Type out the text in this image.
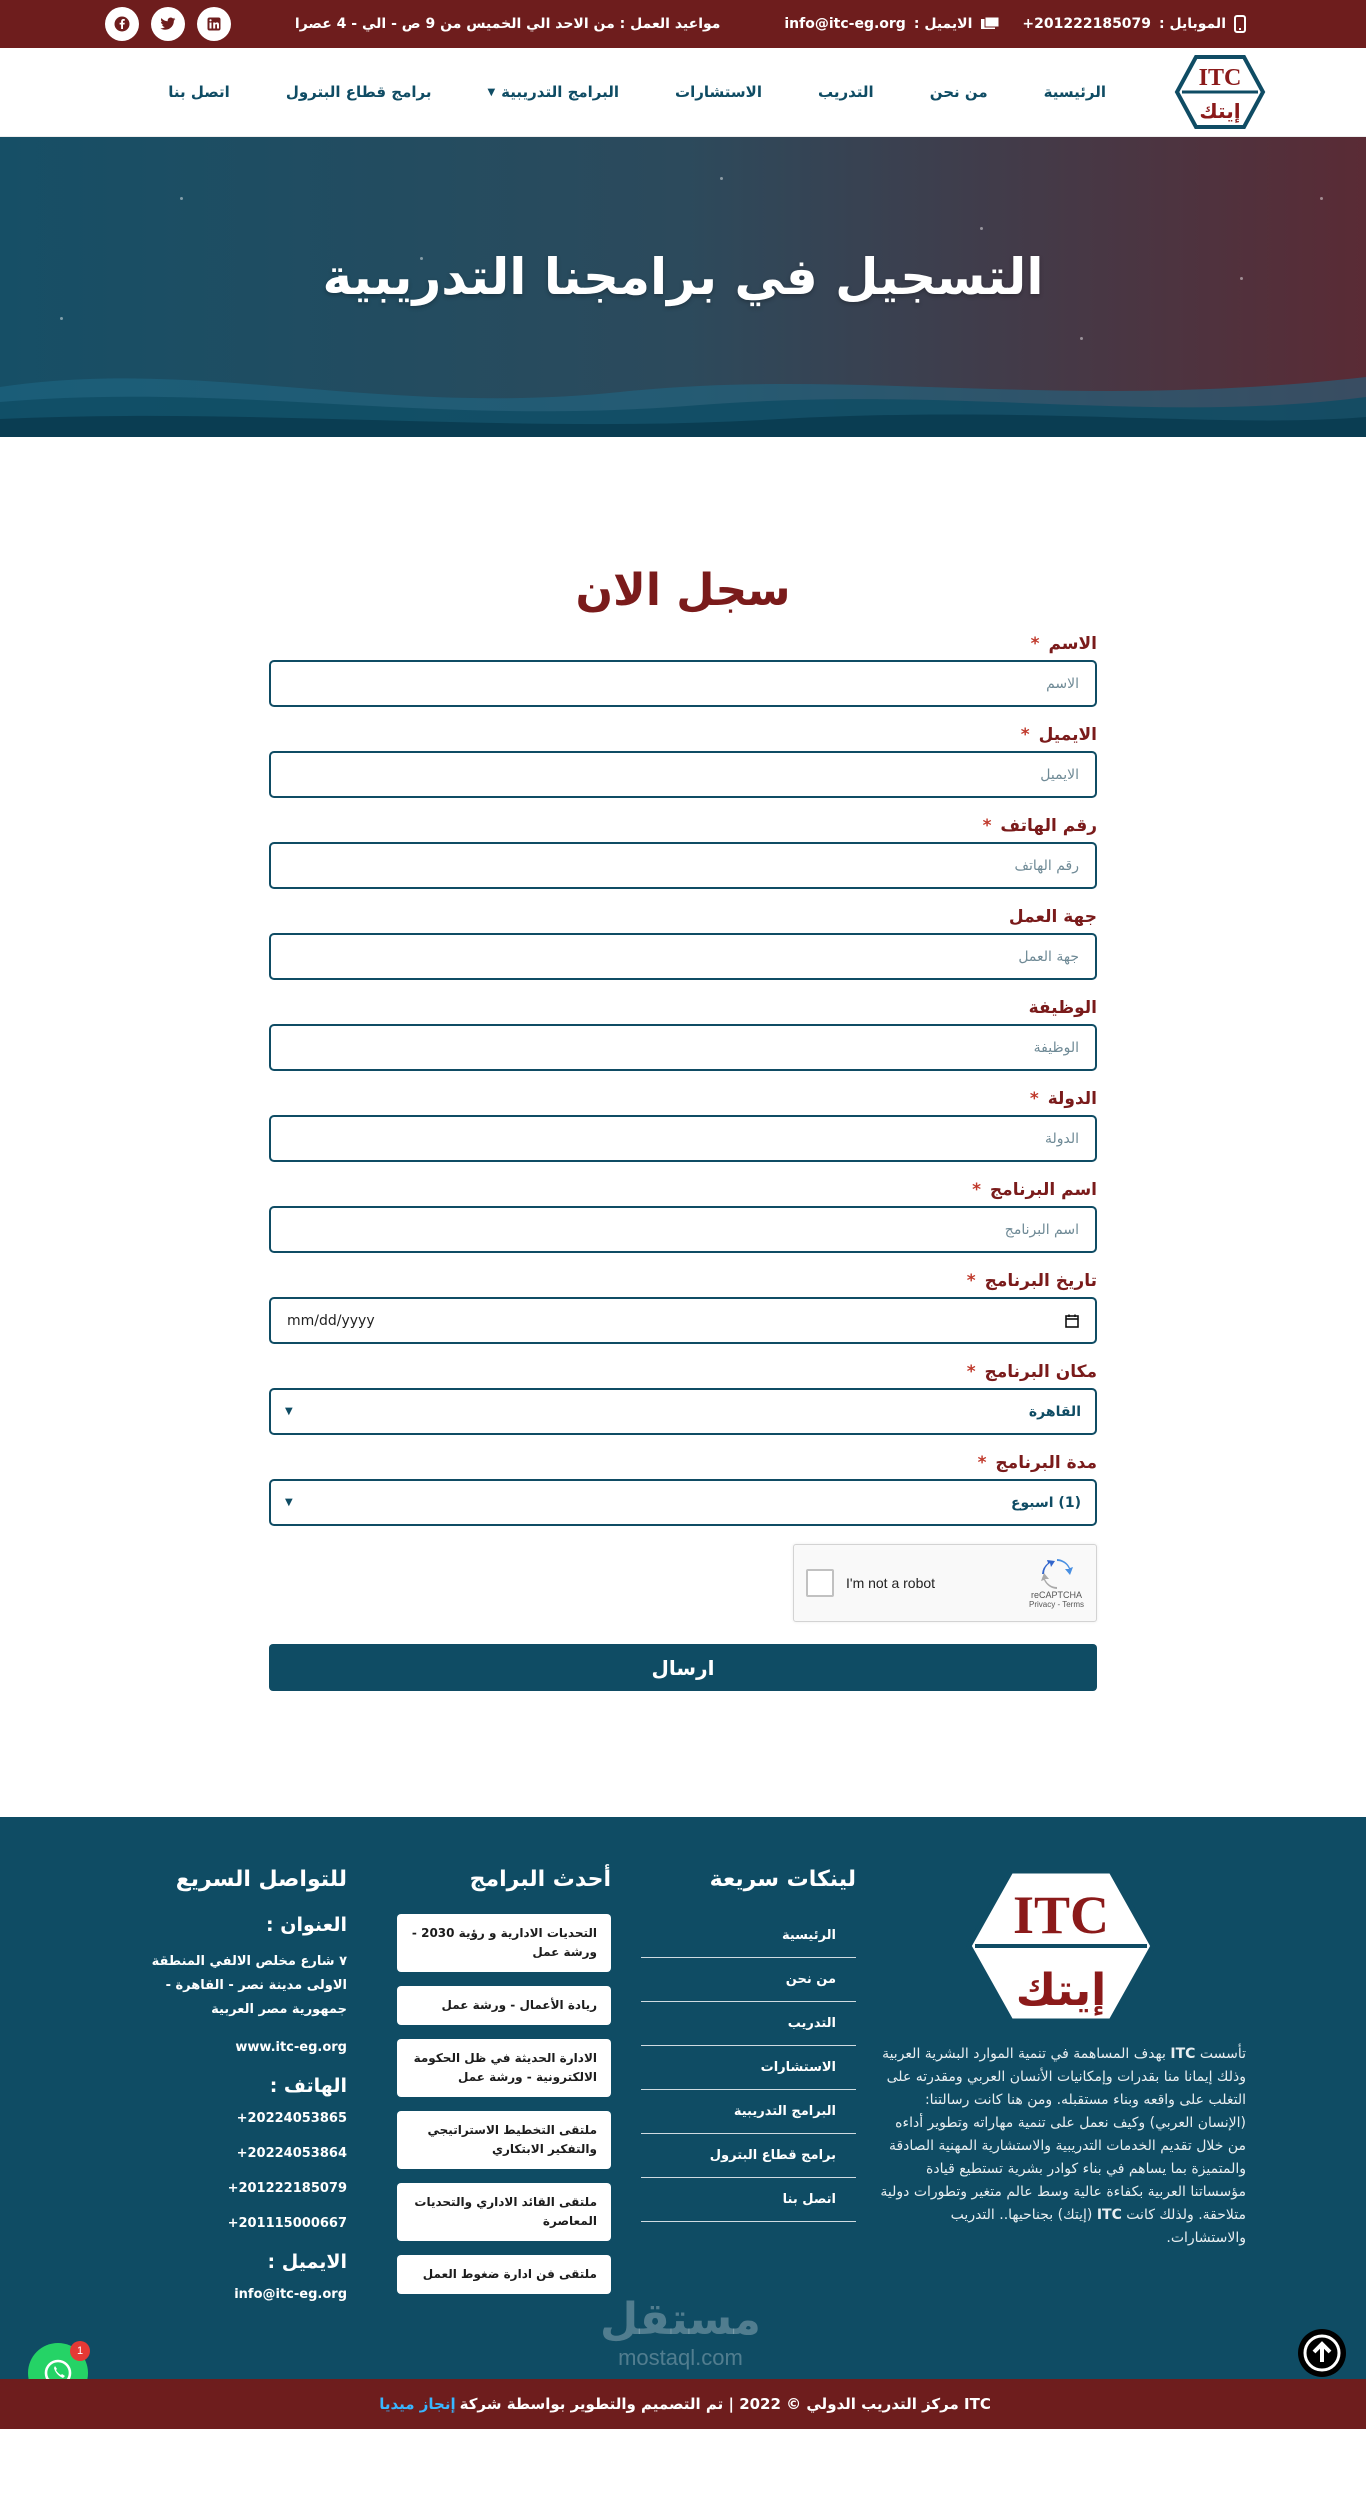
الموبايل :
+201222185079
الايميل :
info@itc-eg.org
مواعيد العمل : من الاحد الي الخميس من 9 ص - الي - 4 عصرا
ITC
إيتك
الرئيسية
من نحن
التدريب
الاستشارات
البرامج التدريبية
▼
برامج قطاع البترول
اتصل بنا
التسجيل في برامجنا التدريبية
سجل الان
الاسم *
الاسم
الايميل *
الايميل
رقم الهاتف *
رقم الهاتف
جهة العمل
جهة العمل
الوظيفة
الوظيفة
الدولة *
الدولة
اسم البرنامج *
اسم البرنامج
تاريخ البرنامج *
mm/dd/yyyy
مكان البرنامج *
القاهرة
▼
مدة البرنامج *
(1) اسبوع
▼
I'm not a robot
reCAPTCHA
Privacy - Terms
ارسال
ITC
إيتك

تأسست ITC بهدف المساهمة في تنمية الموارد البشرية العربية وذلك إيمانا منا بقدرات وإمكانيات الأنسان العربي ومقدرته على التغلب على واقعه وبناء مستقبله. ومن هنا كانت رسالتنا: (الإنسان العربي) وكيف نعمل على تنمية مهاراته وتطوير أداءه من خلال تقديم الخدمات التدريبية والاستشارية المهنية الصادقة والمتميزة بما يساهم في بناء كوادر بشرية تستطيع قيادة مؤسساتنا العربية بكفاءة عالية وسط عالم متغير وتطورات دولية متلاحقة. ولذلك كانت ITC (إيتك) بجناحيها.. التدريب والاستشارات.

لينكات سريعة
الرئيسية
من نحن
التدريب
الاستشارات
البرامج التدريبية
برامج قطاع البترول
اتصل بنا
أحدث البرامج
التحديات الادارية و رؤية 2030 - ورشة عمل
ريادة الأعمال - ورشة عمل
الادارة الحديثة في ظل الحكومة الالكترونية - ورشة عمل
ملتقى التخطيط الاستراتيجي والتفكير الابتكاري
ملتقى القائد الاداري والتحديات المعاصرة
ملتقى فن ادارة ضغوط العمل
للتواصل السريع
العنوان :
٧ شارع مخلص الالفي المنطقة الاولى مدينة نصر - القاهرة - جمهورية مصر العربية
www.itc-eg.org
الهاتف :
+20224053865
+20224053864
+201222185079
+201115000667
الايميل :
info@itc-eg.org	مستقل
mostaql.com
1
ITC مركز التدريب الدولي © 2022 | تم التصميم والتطوير بواسطة شركة
إنجاز ميديا
